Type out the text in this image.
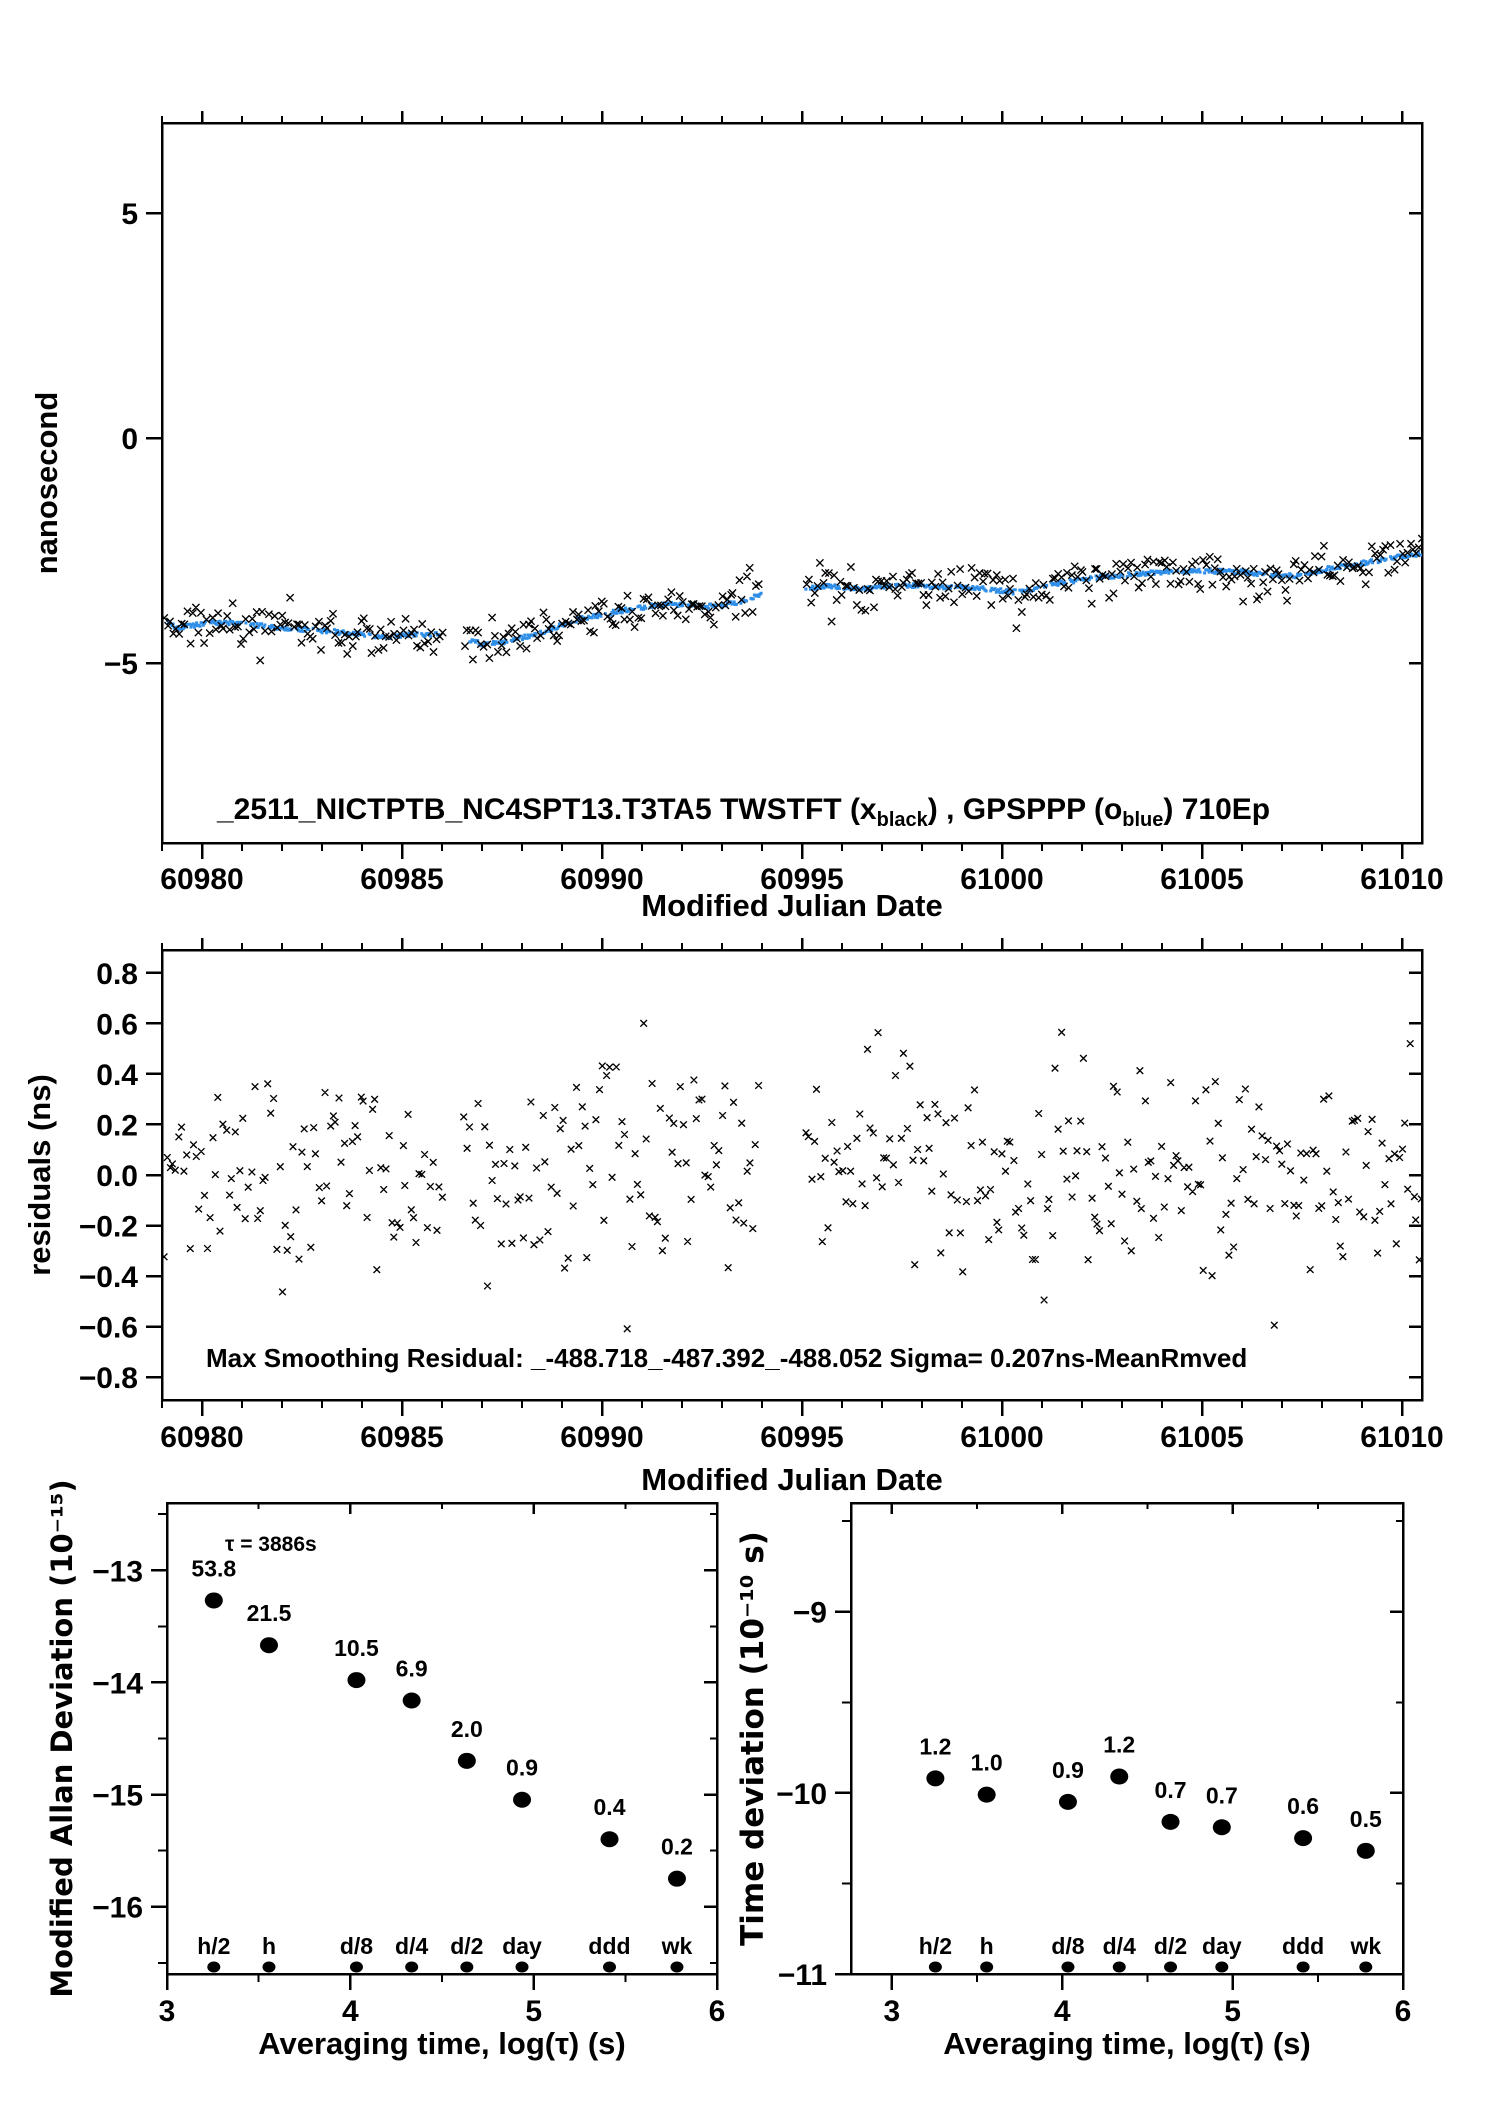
60980	60985	60990	60995	61000	61005	61010
5
0
−5
Modified Julian Date
nanosecond
_2511_NICTPTB_NC4SPT13.T3TA5 TWSTFT $(x_{black})$ , GPSPPP $(o_{blue})$ 710Ep
60980	60985	60990	60995	61000	61005	61010
0.8
0.6
0.4
0.2
0.0
−0.2
−0.4
−0.6
−0.8
Modified Julian Date
residuals (ns)
Max Smoothing Residual: _-488.718_-487.392_-488.052 Sigma= 0.207ns-MeanRmved
3	4	5	6
−13
−14
−15
−16
Averaging time, log(τ) (s)
Modified Allan Deviation (10⁻¹⁵)	53.8
21.5
10.5
6.9
2.0
0.9
0.4
0.2
h/2 h	d/8 d/4 d/2 day ddd wk
τ = 3886s
3	4	5	6
−9
−10
−11
Averaging time, log(τ) (s)
Time deviation (10⁻¹⁰ s)	1.2
1.0 0.9
1.2
0.7 0.7 0.6 0.5
h/2 h	d/8 d/4 d/2 day ddd wk
